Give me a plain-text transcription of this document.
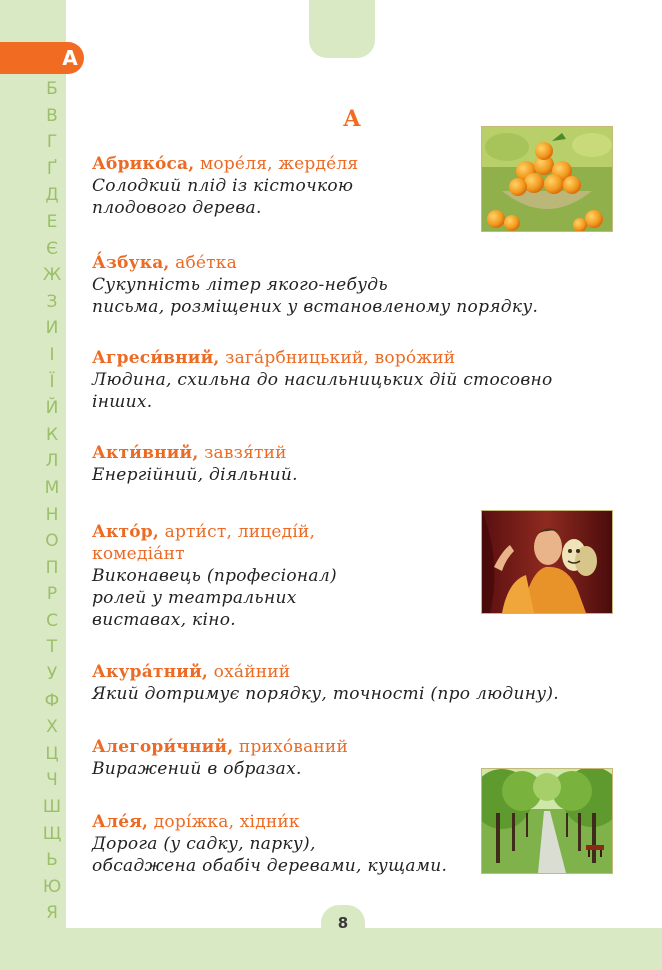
8
А
Б
В
Г
Ґ
Д
Е
Є
Ж
З
И
І
Ї
Й
К
Л
М
Н
О
П
Р
С
Т
У
Ф
Х
Ц
Ч
Ш
Щ
Ь
Ю
Я
А

Абрико́са, море́ля, жерде́ля

Солодкий плід із кісточкою

плодового дерева.

А́збука, абе́тка

Сукупність літер якого-небудь

письма, розміщених у встановленому порядку.

Агреси́вний, зага́рбницький, воро́жий

Людина, схильна до насильницьких дій стосовно

інших.

Акти́вний, завзя́тий

Енергійний, діяльний.

Акто́р, арти́ст, лицеді́й,

комедіа́нт

Виконавець (професіонал)

ролей у театральних

виставах, кіно.

Акура́тний, оха́йний

Який дотримує порядку, точності (про людину).

Алегори́чний, прихо́ваний

Виражений в образах.

Але́я, дорі́жка, хідни́к

Дорога (у садку, парку),

обсаджена обабіч деревами, кущами.
